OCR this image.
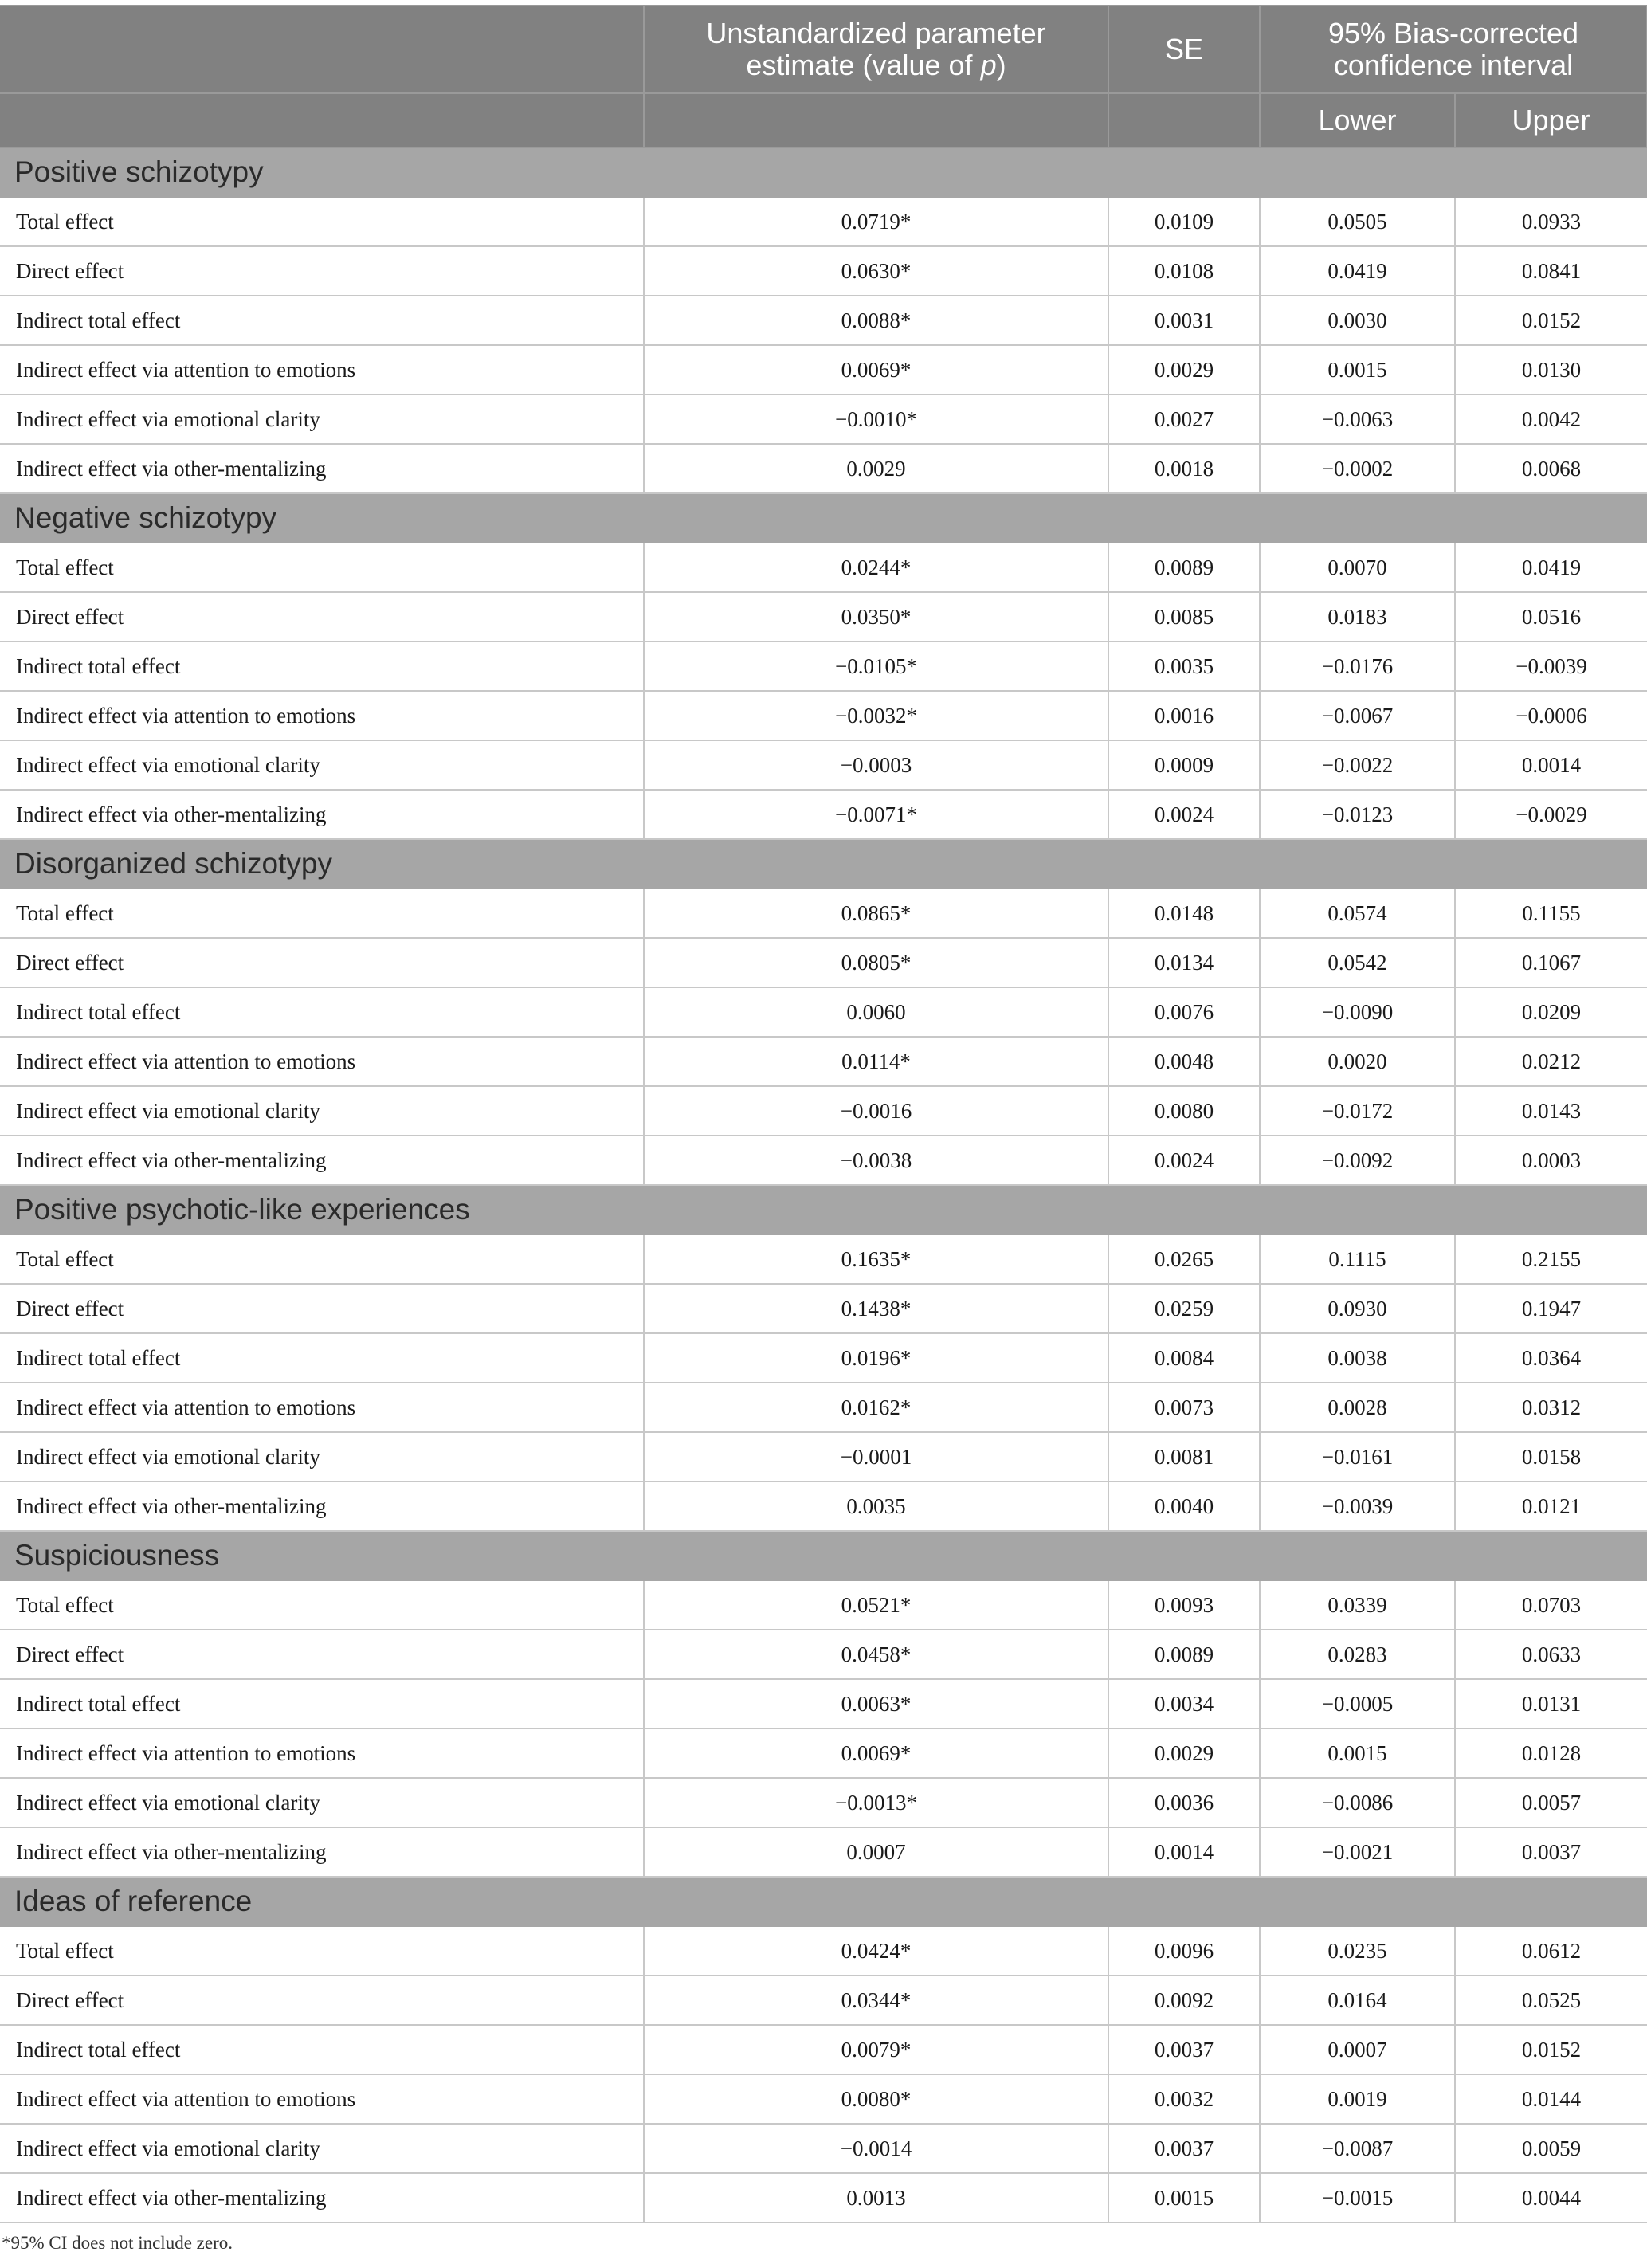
	Unstandardized parameter
estimate (value of p)	SE	95% Bias-corrected
confidence interval	
			Lower	Upper
Positive schizotypy				
Total effect	0.0719*	0.0109	0.0505	0.0933
Direct effect	0.0630*	0.0108	0.0419	0.0841
Indirect total effect	0.0088*	0.0031	0.0030	0.0152
Indirect effect via attention to emotions	0.0069*	0.0029	0.0015	0.0130
Indirect effect via emotional clarity	−0.0010*	0.0027	−0.0063	0.0042
Indirect effect via other-mentalizing	0.0029	0.0018	−0.0002	0.0068
Negative schizotypy				
Total effect	0.0244*	0.0089	0.0070	0.0419
Direct effect	0.0350*	0.0085	0.0183	0.0516
Indirect total effect	−0.0105*	0.0035	−0.0176	−0.0039
Indirect effect via attention to emotions	−0.0032*	0.0016	−0.0067	−0.0006
Indirect effect via emotional clarity	−0.0003	0.0009	−0.0022	0.0014
Indirect effect via other-mentalizing	−0.0071*	0.0024	−0.0123	−0.0029
Disorganized schizotypy				
Total effect	0.0865*	0.0148	0.0574	0.1155
Direct effect	0.0805*	0.0134	0.0542	0.1067
Indirect total effect	0.0060	0.0076	−0.0090	0.0209
Indirect effect via attention to emotions	0.0114*	0.0048	0.0020	0.0212
Indirect effect via emotional clarity	−0.0016	0.0080	−0.0172	0.0143
Indirect effect via other-mentalizing	−0.0038	0.0024	−0.0092	0.0003
Positive psychotic-like experiences				
Total effect	0.1635*	0.0265	0.1115	0.2155
Direct effect	0.1438*	0.0259	0.0930	0.1947
Indirect total effect	0.0196*	0.0084	0.0038	0.0364
Indirect effect via attention to emotions	0.0162*	0.0073	0.0028	0.0312
Indirect effect via emotional clarity	−0.0001	0.0081	−0.0161	0.0158
Indirect effect via other-mentalizing	0.0035	0.0040	−0.0039	0.0121
Suspiciousness				
Total effect	0.0521*	0.0093	0.0339	0.0703
Direct effect	0.0458*	0.0089	0.0283	0.0633
Indirect total effect	0.0063*	0.0034	−0.0005	0.0131
Indirect effect via attention to emotions	0.0069*	0.0029	0.0015	0.0128
Indirect effect via emotional clarity	−0.0013*	0.0036	−0.0086	0.0057
Indirect effect via other-mentalizing	0.0007	0.0014	−0.0021	0.0037
Ideas of reference				
Total effect	0.0424*	0.0096	0.0235	0.0612
Direct effect	0.0344*	0.0092	0.0164	0.0525
Indirect total effect	0.0079*	0.0037	0.0007	0.0152
Indirect effect via attention to emotions	0.0080*	0.0032	0.0019	0.0144
Indirect effect via emotional clarity	−0.0014	0.0037	−0.0087	0.0059
Indirect effect via other-mentalizing	0.0013	0.0015	−0.0015	0.0044
*95% CI does not include zero.
